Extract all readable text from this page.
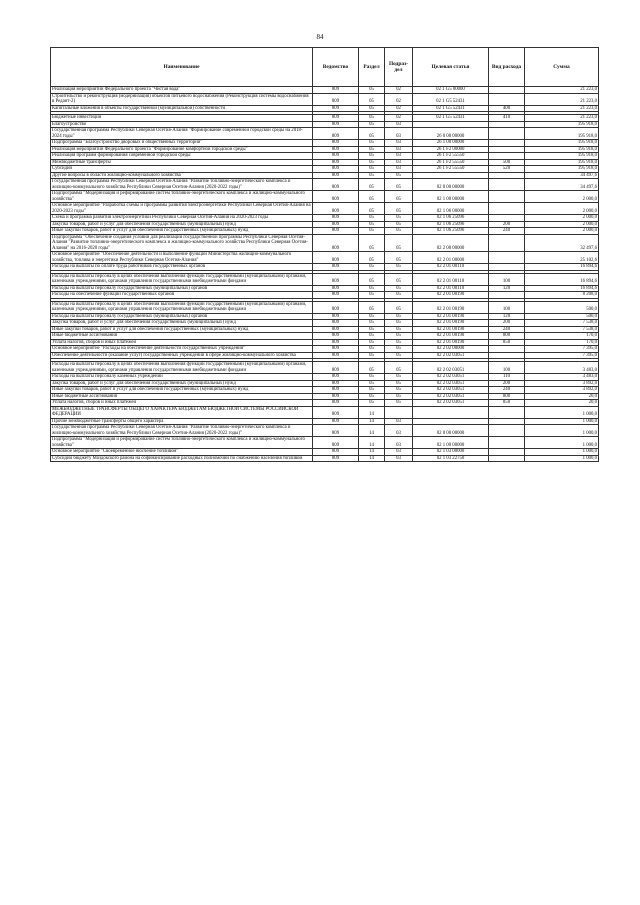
84
Наименование	Ведомство	Раздел	Подраз-дел	Целевая статья	Вид расхода	Сумма
Реализация мероприятий Федерального проекта "Чистая вода"	809	05	02	02 1 G5 00000		21 223,0
Строительство и реконструкция (модернизация) объектов питьевого водоснабжения (Реконструкция системы водоснабжения в Редант-2)	809	05	02	02 1 G5 52431		21 223,0
Капитальные вложения в объекты государственной (муниципальной) собственности	809	05	02	02 1 G5 52431	400	21 223,0

Бюджетные инвестиции	809	05	02	02 1 G5 52431	410	21 223,0
Благоустройство	809	05	03			195 918,0
Государственная программа Республики Северная Осетия-Алания "Формирование современной городской среды на 2018-2024 годы"	809	05	03	26 0 00 00000		195 918,0
Подпрограмма "Благоустройство дворовых и общественных территорий"	809	05	03	26 1 00 00000		195 918,0
Реализация мероприятий Федерального проекта "Формирование комфортной городской среды"	809	05	03	26 1 F2 00000		195 918,0
Реализация программ формирования современной городской среды	809	05	03	26 1 F2 55550		195 918,0
Межбюджетные трансферты	809	05	03	26 1 F2 55550	500	195 918,0
Субсидии	809	05	03	26 1 F2 55550	520	195 918,0
Другие вопросы в области жилищно-коммунального хозяйства	809	05	05			34 497,6
Государственная программа Республики Северная Осетия-Алания "Развитие топливно-энергетического комплекса и жилищно-коммунального хозяйства Республики Северная Осетия-Алания (2020-2022 годы)"	809	05	05	02 0 00 00000		34 497,6
Подпрограмма "Модернизация и реформирование систем топливно-энергетического комплекса и жилищно-коммунального хозяйства"	809	05	05	02 1 00 00000		2 000,0
Основное мероприятие "Разработка схемы и программы развития электроэнергетики Республики Северная Осетия-Алания на 2020-2023 годы"	809	05	05	02 1 06 00000		2 000,0
Схема и программа развития электроэнергетики Республики Северная Осетия-Алания на 2020-2023 годы	809	05	05	02 1 06 25096		2 000,0
Закупка товаров, работ и услуг для обеспечения государственных (муниципальных) нужд	809	05	05	02 1 06 25096	200	2 000,0
Иные закупки товаров, работ и услуг для обеспечения государственных (муниципальных) нужд	809	05	05	02 1 06 25096	240	2 000,0
Подпрограмма "Обеспечение создания условий для реализации государственной программы Республики Северная Осетия-Алания "Развитие топливно-энергетического комплекса и жилищно-коммунального хозяйства Республики Северная Осетия-Алания" на 2016-2020 годы"	809	05	05	02 2 00 00000		32 497,6
Основное мероприятие "Обеспечение деятельности и выполнение функций Министерства жилищно-коммунального хозяйства, топлива и энергетики Республики Северная Осетия-Алания"	809	05	05	02 2 01 00000		25 102,6
Расходы на выплаты по оплате труда работников государственных органов	809	05	05	02 2 01 00110		16 894,6

Расходы на выплаты персоналу в целях обеспечения выполнения функций государственными (муниципальными) органами, казенными учреждениями, органами управления государственными внебюджетными фондами	809	05	05	02 2 01 00110	100	16 894,6
Расходы на выплаты персоналу государственных (муниципальных) органов	809	05	05	02 2 01 00110	120	16 894,6
Расходы на обеспечение функций государственных органов	809	05	05	02 2 01 00190		8 208,0

Расходы на выплаты персоналу в целях обеспечения выполнения функций государственными (муниципальными) органами, казенными учреждениями, органами управления государственными внебюджетными фондами	809	05	05	02 2 01 00190	100	500,0
Расходы на выплаты персоналу государственных (муниципальных) органов	809	05	05	02 2 01 00190	120	500,0
Закупка товаров, работ и услуг для обеспечения государственных (муниципальных) нужд	809	05	05	02 2 01 00190	200	7 538,0
Иные закупки товаров, работ и услуг для обеспечения государственных (муниципальных) нужд	809	05	05	02 2 01 00190	240	7 538,0
Иные бюджетные ассигнования	809	05	05	02 2 01 00190	800	170,0
Уплата налогов, сборов и иных платежей	809	05	05	02 2 01 00190	850	170,0
Основное мероприятие "Расходы на обеспечение деятельности государственных учреждений"	809	05	05	02 2 02 00000		7 395,0
Обеспечение деятельности (оказание услуг) государственных учреждений в сфере жилищно-коммунального хозяйства	809	05	05	02 2 02 03051		7 395,0

Расходы на выплаты персоналу в целях обеспечения выполнения функций государственными (муниципальными) органами, казенными учреждениями, органами управления государственными внебюджетными фондами	809	05	05	02 2 02 03051	100	3 483,0
Расходы на выплаты персоналу казенных учреждений	809	05	05	02 2 02 03051	110	3 483,0
Закупка товаров, работ и услуг для обеспечения государственных (муниципальных) нужд	809	05	05	02 2 02 03051	200	3 892,0
Иные закупки товаров, работ и услуг для обеспечения государственных (муниципальных) нужд	809	05	05	02 2 02 03051	240	3 892,0
Иные бюджетные ассигнования	809	05	05	02 2 02 03051	800	20,0
Уплата налогов, сборов и иных платежей	809	05	05	02 2 02 03051	850	20,0
МЕЖБЮДЖЕТНЫЕ ТРАНСФЕРТЫ ОБЩЕГО ХАРАКТЕРА БЮДЖЕТАМ БЮДЖЕТНОЙ СИСТЕМЫ РОССИЙСКОЙ ФЕДЕРАЦИИ	809	14				1 000,0
Прочие межбюджетные трансферты общего характера	809	14	03			1 000,0
Государственная программа Республики Северная Осетия-Алания "Развитие топливно-энергетического комплекса и жилищно-коммунального хозяйства Республики Северная Осетия-Алания (2020-2022 годы)"	809	14	03	02 0 00 00000		1 000,0
Подпрограмма "Модернизация и реформирование систем топливно-энергетического комплекса и жилищно-коммунального хозяйства"	809	14	03	02 1 00 00000		1 000,0
Основное мероприятие "Своевременное нюсчение топливом"	809	14	03	02 1 03 00000		1 000,0
Субсидии бюджету Моздокского района на софинансирование расходных полномочий по снабжению населения топливом	809	14	03	02 1 03 22750		1 000,0
